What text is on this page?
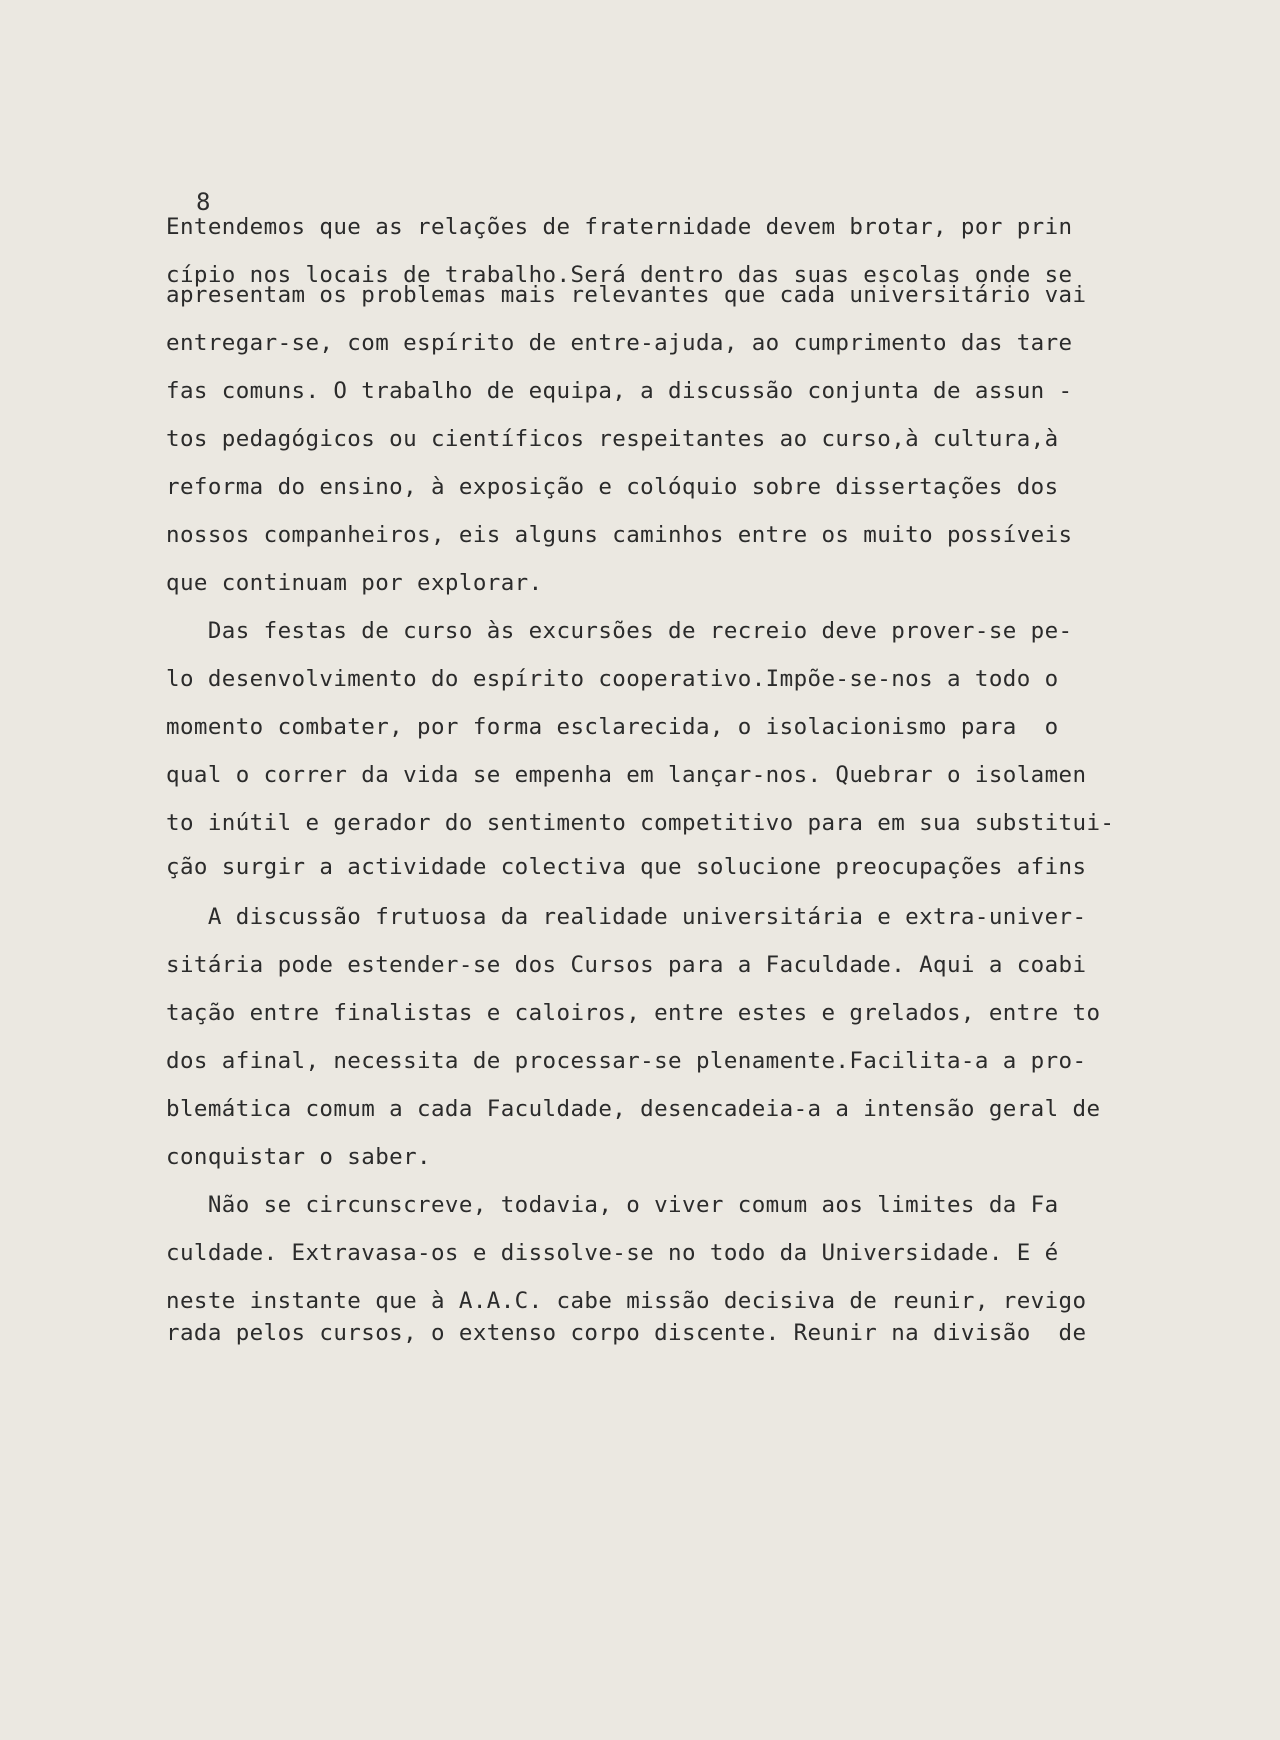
8
Entendemos que as relações de fraternidade devem brotar, por prin
cípio nos locais de trabalho.Será dentro das suas escolas onde se
apresentam os problemas mais relevantes que cada universitário vai
entregar-se, com espírito de entre-ajuda, ao cumprimento das tare
fas comuns. O trabalho de equipa, a discussão conjunta de assun -
tos pedagógicos ou científicos respeitantes ao curso,à cultura,à
reforma do ensino, à exposição e colóquio sobre dissertações dos
nossos companheiros, eis alguns caminhos entre os muito possíveis
que continuam por explorar.
Das festas de curso às excursões de recreio deve prover-se pe-
lo desenvolvimento do espírito cooperativo.Impõe-se-nos a todo o
momento combater, por forma esclarecida, o isolacionismo para  o
qual o correr da vida se empenha em lançar-nos. Quebrar o isolamen
to inútil e gerador do sentimento competitivo para em sua substitui-
ção surgir a actividade colectiva que solucione preocupações afins
A discussão frutuosa da realidade universitária e extra-univer-
sitária pode estender-se dos Cursos para a Faculdade. Aqui a coabi
tação entre finalistas e caloiros, entre estes e grelados, entre to
dos afinal, necessita de processar-se plenamente.Facilita-a a pro-
blemática comum a cada Faculdade, desencadeia-a a intensão geral de
conquistar o saber.
Não se circunscreve, todavia, o viver comum aos limites da Fa
culdade. Extravasa-os e dissolve-se no todo da Universidade. E é
neste instante que à A.A.C. cabe missão decisiva de reunir, revigo
rada pelos cursos, o extenso corpo discente. Reunir na divisão  de
